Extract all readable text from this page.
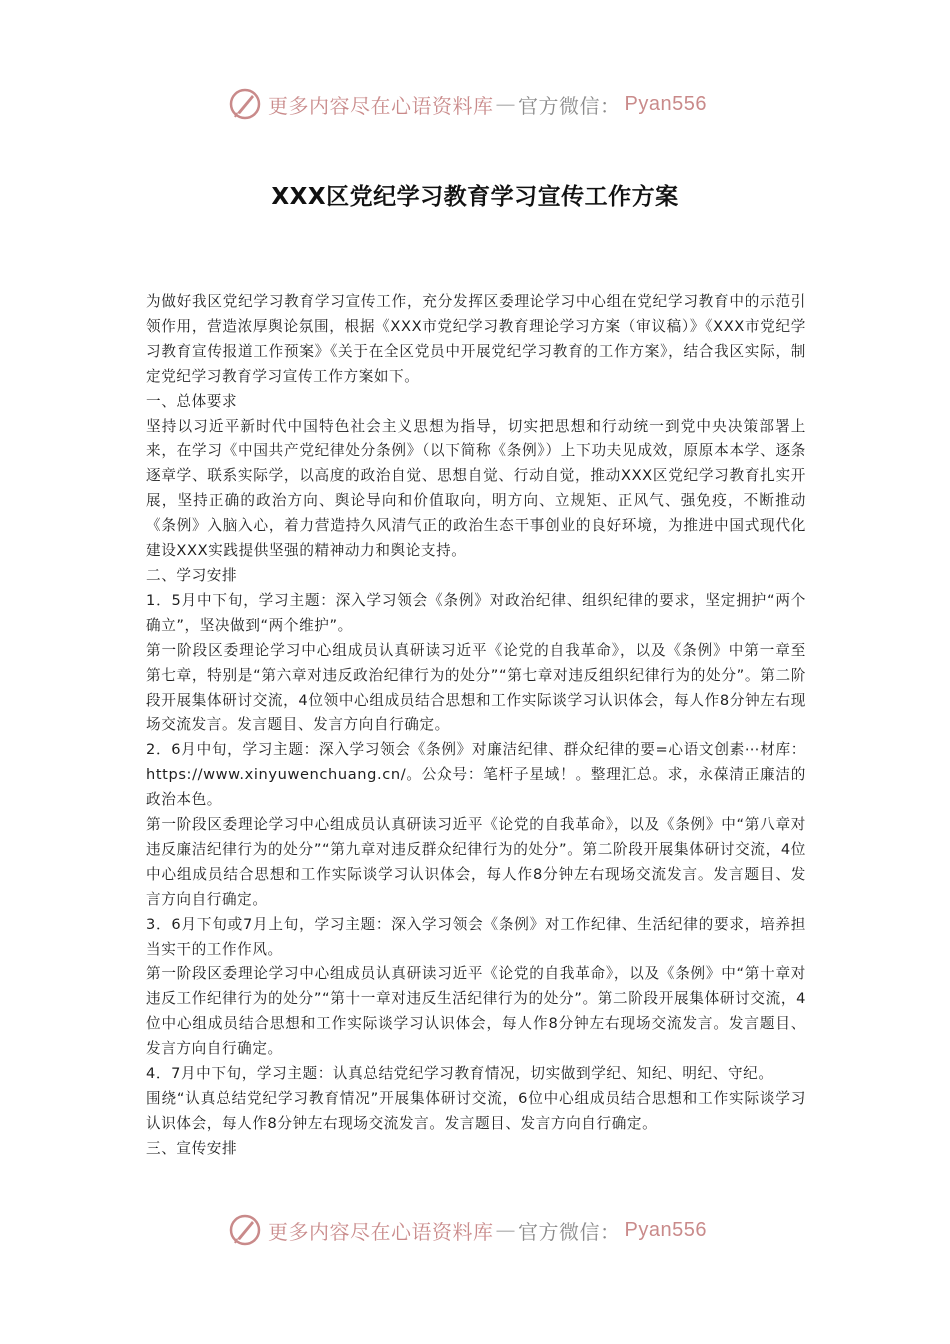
更多内容尽在心语资料库 — 官方微信： Pyan556
XXX区党纪学习教育学习宣传工作方案

为做好我区党纪学习教育学习宣传工作，充分发挥区委理论学习中心组在党纪学习教育中的示范引领作用，营造浓厚舆论氛围，根据《XXX市党纪学习教育理论学习方案（审议稿）》《XXX市党纪学习教育宣传报道工作预案》《关于在全区党员中开展党纪学习教育的工作方案》，结合我区实际，制定党纪学习教育学习宣传工作方案如下。

一、总体要求

坚持以习近平新时代中国特色社会主义思想为指导，切实把思想和行动统一到党中央决策部署上来，在学习《中国共产党纪律处分条例》（以下简称《条例》）上下功夫见成效，原原本本学、逐条逐章学、联系实际学，以高度的政治自觉、思想自觉、行动自觉，推动XXX区党纪学习教育扎实开展，坚持正确的政治方向、舆论导向和价值取向，明方向、立规矩、正风气、强免疫，不断推动《条例》入脑入心，着力营造持久风清气正的政治生态干事创业的良好环境，为推进中国式现代化建设XXX实践提供坚强的精神动力和舆论支持。

二、学习安排

1．5月中下旬，学习主题：深入学习领会《条例》对政治纪律、组织纪律的要求，坚定拥护“两个确立”，坚决做到“两个维护”。

第一阶段区委理论学习中心组成员认真研读习近平《论党的自我革命》，以及《条例》中第一章至第七章，特别是“第六章对违反政治纪律行为的处分”“第七章对违反组织纪律行为的处分”。第二阶段开展集体研讨交流，4位领中心组成员结合思想和工作实际谈学习认识体会，每人作8分钟左右现场交流发言。发言题目、发言方向自行确定。

2．6月中旬，学习主题：深入学习领会《条例》对廉洁纪律、群众纪律的要=心语文创素⋯材库：https://www.xinyuwenchuang.cn/。公众号：笔杆子星域！。整理汇总。求，永葆清正廉洁的政治本色。

第一阶段区委理论学习中心组成员认真研读习近平《论党的自我革命》，以及《条例》中“第八章对违反廉洁纪律行为的处分”“第九章对违反群众纪律行为的处分”。第二阶段开展集体研讨交流，4位中心组成员结合思想和工作实际谈学习认识体会，每人作8分钟左右现场交流发言。发言题目、发言方向自行确定。

3．6月下旬或7月上旬，学习主题：深入学习领会《条例》对工作纪律、生活纪律的要求，培养担当实干的工作作风。

第一阶段区委理论学习中心组成员认真研读习近平《论党的自我革命》，以及《条例》中“第十章对违反工作纪律行为的处分”“第十一章对违反生活纪律行为的处分”。第二阶段开展集体研讨交流，4位中心组成员结合思想和工作实际谈学习认识体会，每人作8分钟左右现场交流发言。发言题目、发言方向自行确定。

4．7月中下旬，学习主题：认真总结党纪学习教育情况，切实做到学纪、知纪、明纪、守纪。

围绕“认真总结党纪学习教育情况”开展集体研讨交流，6位中心组成员结合思想和工作实际谈学习认识体会，每人作8分钟左右现场交流发言。发言题目、发言方向自行确定。

三、宣传安排

更多内容尽在心语资料库 — 官方微信： Pyan556
